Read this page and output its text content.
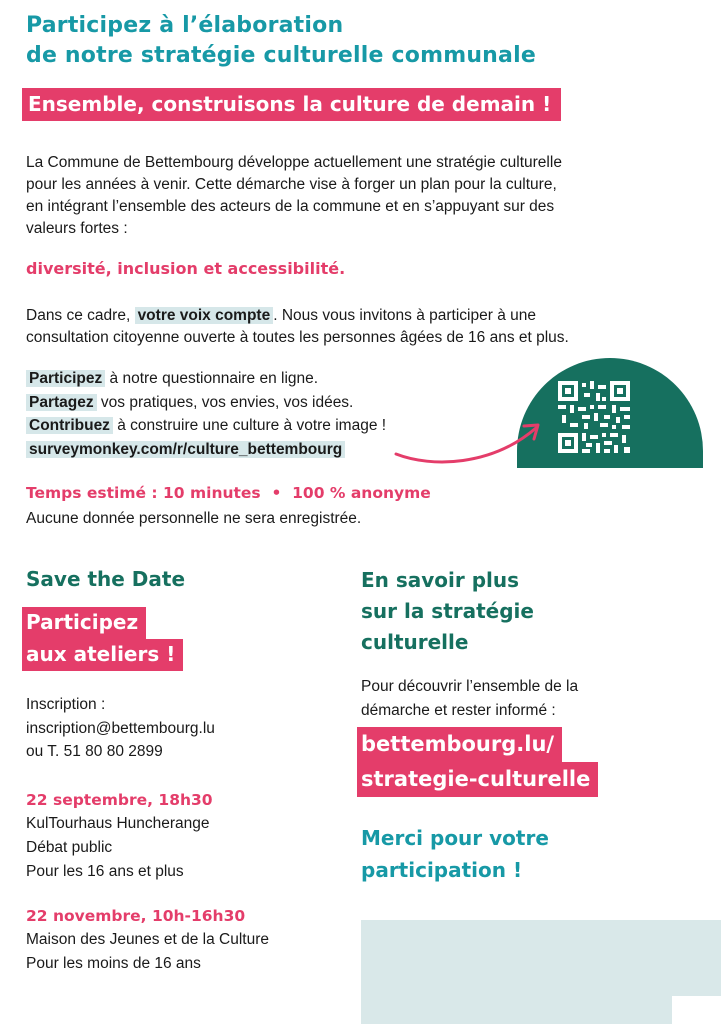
Participez à l’élaboration
de notre stratégie culturelle communale
Ensemble, construisons la culture de demain !
La Commune de Bettembourg développe actuellement une stratégie culturelle
pour les années à venir. Cette démarche vise à forger un plan pour la culture,
en intégrant l’ensemble des acteurs de la commune et en s’appuyant sur des
valeurs fortes :
diversité, inclusion et accessibilité.
Dans ce cadre, votre voix compte . Nous vous invitons à participer à une
consultation citoyenne ouverte à toutes les personnes âgées de 16 ans et plus.
Participez à notre questionnaire en ligne.
Partagez vos pratiques, vos envies, vos idées.
Contribuez à construire une culture à votre image !
surveymonkey.com/r/culture_bettembourg
Temps estimé : 10 minutes  •  100 % anonyme
Aucune donnée personnelle ne sera enregistrée.
Save the Date
Participez
aux ateliers !
Inscription :
inscription@bettembourg.lu
ou T. 51 80 80 2899
22 septembre, 18h30
KulTourhaus Huncherange
Débat public
Pour les 16 ans et plus
22 novembre, 10h-16h30
Maison des Jeunes et de la Culture
Pour les moins de 16 ans
En savoir plus
sur la stratégie
culturelle
Pour découvrir l’ensemble de la
démarche et rester informé :
bettembourg.lu/
strategie-culturelle
Merci pour votre
participation !
